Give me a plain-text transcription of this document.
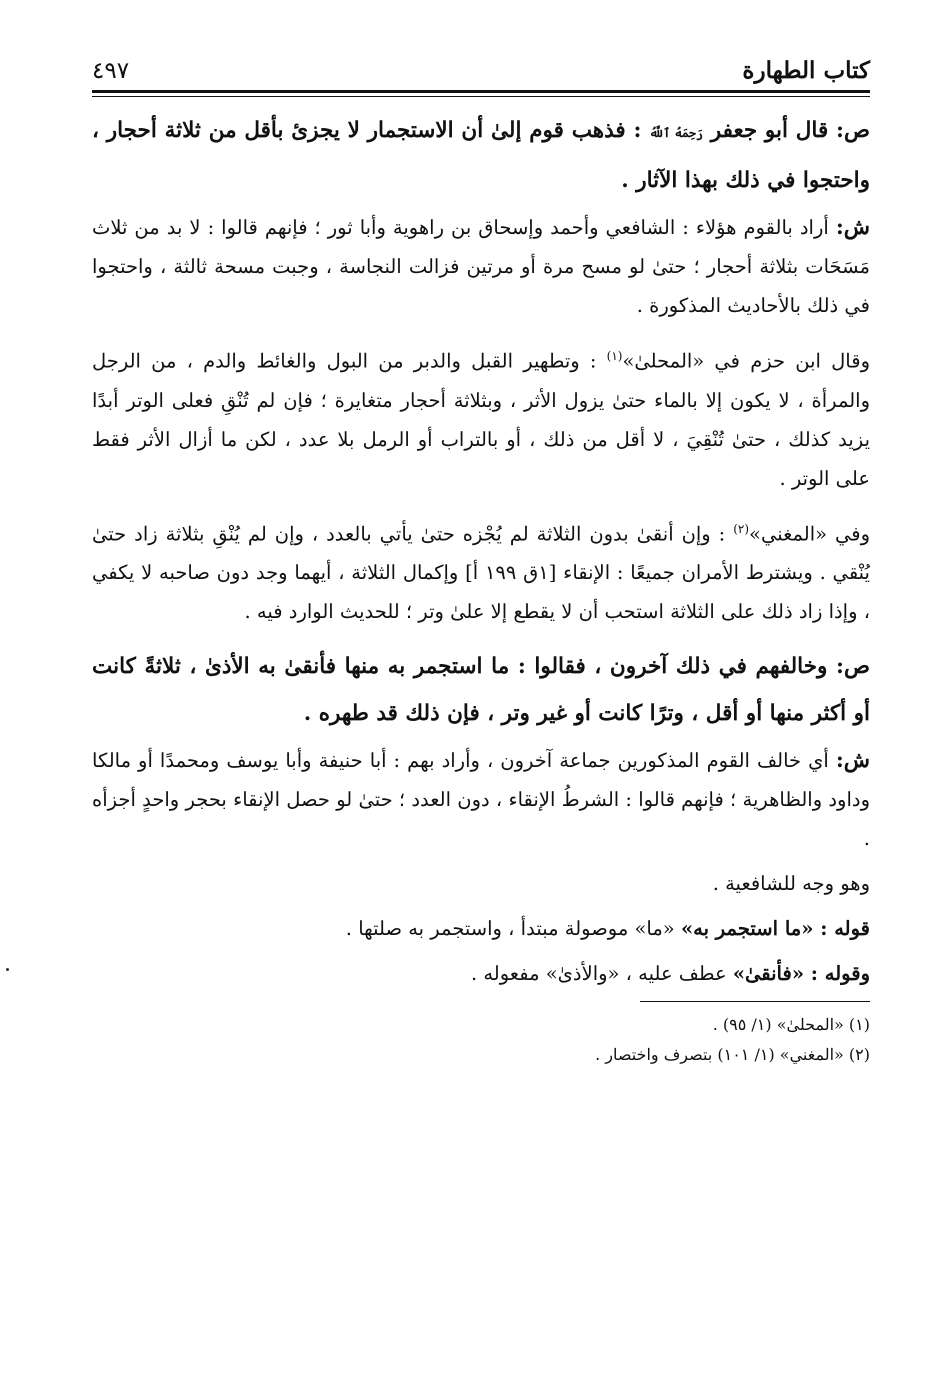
كتاب الطهارة
٤٩٧

ص: قال أبو جعفر رَحِمَهُ ٱللَّهُ : فذهب قوم إلىٰ أن الاستجمار لا يجزئ بأقل من ثلاثة أحجار ، واحتجوا في ذلك بهذا الآثار .

ش: أراد بالقوم هؤلاء : الشافعي وأحمد وإسحاق بن راهوية وأبا ثور ؛ فإنهم قالوا : لا بد من ثلاث مَسَحَات بثلاثة أحجار ؛ حتىٰ لو مسح مرة أو مرتين فزالت النجاسة ، وجبت مسحة ثالثة ، واحتجوا في ذلك بالأحاديث المذكورة .

وقال ابن حزم في «المحلىٰ»$^{(١)}$ : وتطهير القبل والدبر من البول والغائط والدم ، من الرجل والمرأة ، لا يكون إلا بالماء حتىٰ يزول الأثر ، وبثلاثة أحجار متغايرة ؛ فإن لم تُنْقِ فعلى الوتر أبدًا يزيد كذلك ، حتىٰ تُنْقِيَ ، لا أقل من ذلك ، أو بالتراب أو الرمل بلا عدد ، لكن ما أزال الأثر فقط على الوتر .

وفي «المغني»$^{(٢)}$ : وإن أنقىٰ بدون الثلاثة لم يُجْزه حتىٰ يأتي بالعدد ، وإن لم يُنْقِ بثلاثة زاد حتىٰ يُنْقي . ويشترط الأمران جميعًا : الإنقاء [١ق ١٩٩ أ] وإكمال الثلاثة ، أيهما وجد دون صاحبه لا يكفي ، وإذا زاد ذلك على الثلاثة استحب أن لا يقطع إلا علىٰ وتر ؛ للحديث الوارد فيه .

ص: وخالفهم في ذلك آخرون ، فقالوا : ما استجمر به منها فأنقىٰ به الأذىٰ ، ثلاثةً كانت أو أكثر منها أو أقل ، وترًا كانت أو غير وتر ، فإن ذلك قد طهره .

ش: أي خالف القوم المذكورين جماعة آخرون ، وأراد بهم : أبا حنيفة وأبا يوسف ومحمدًا أو مالكا وداود والظاهرية ؛ فإنهم قالوا : الشرطُ الإنقاء ، دون العدد ؛ حتىٰ لو حصل الإنقاء بحجر واحدٍ أجزأه .

وهو وجه للشافعية .

قوله : «ما استجمر به» «ما» موصولة مبتدأ ، واستجمر به صلتها .

وقوله : «فأنقىٰ» عطف عليه ، «والأذىٰ» مفعوله .

(١) «المحلىٰ» (١/ ٩٥) .
(٢) «المغني» (١/ ١٠١) بتصرف واختصار .
